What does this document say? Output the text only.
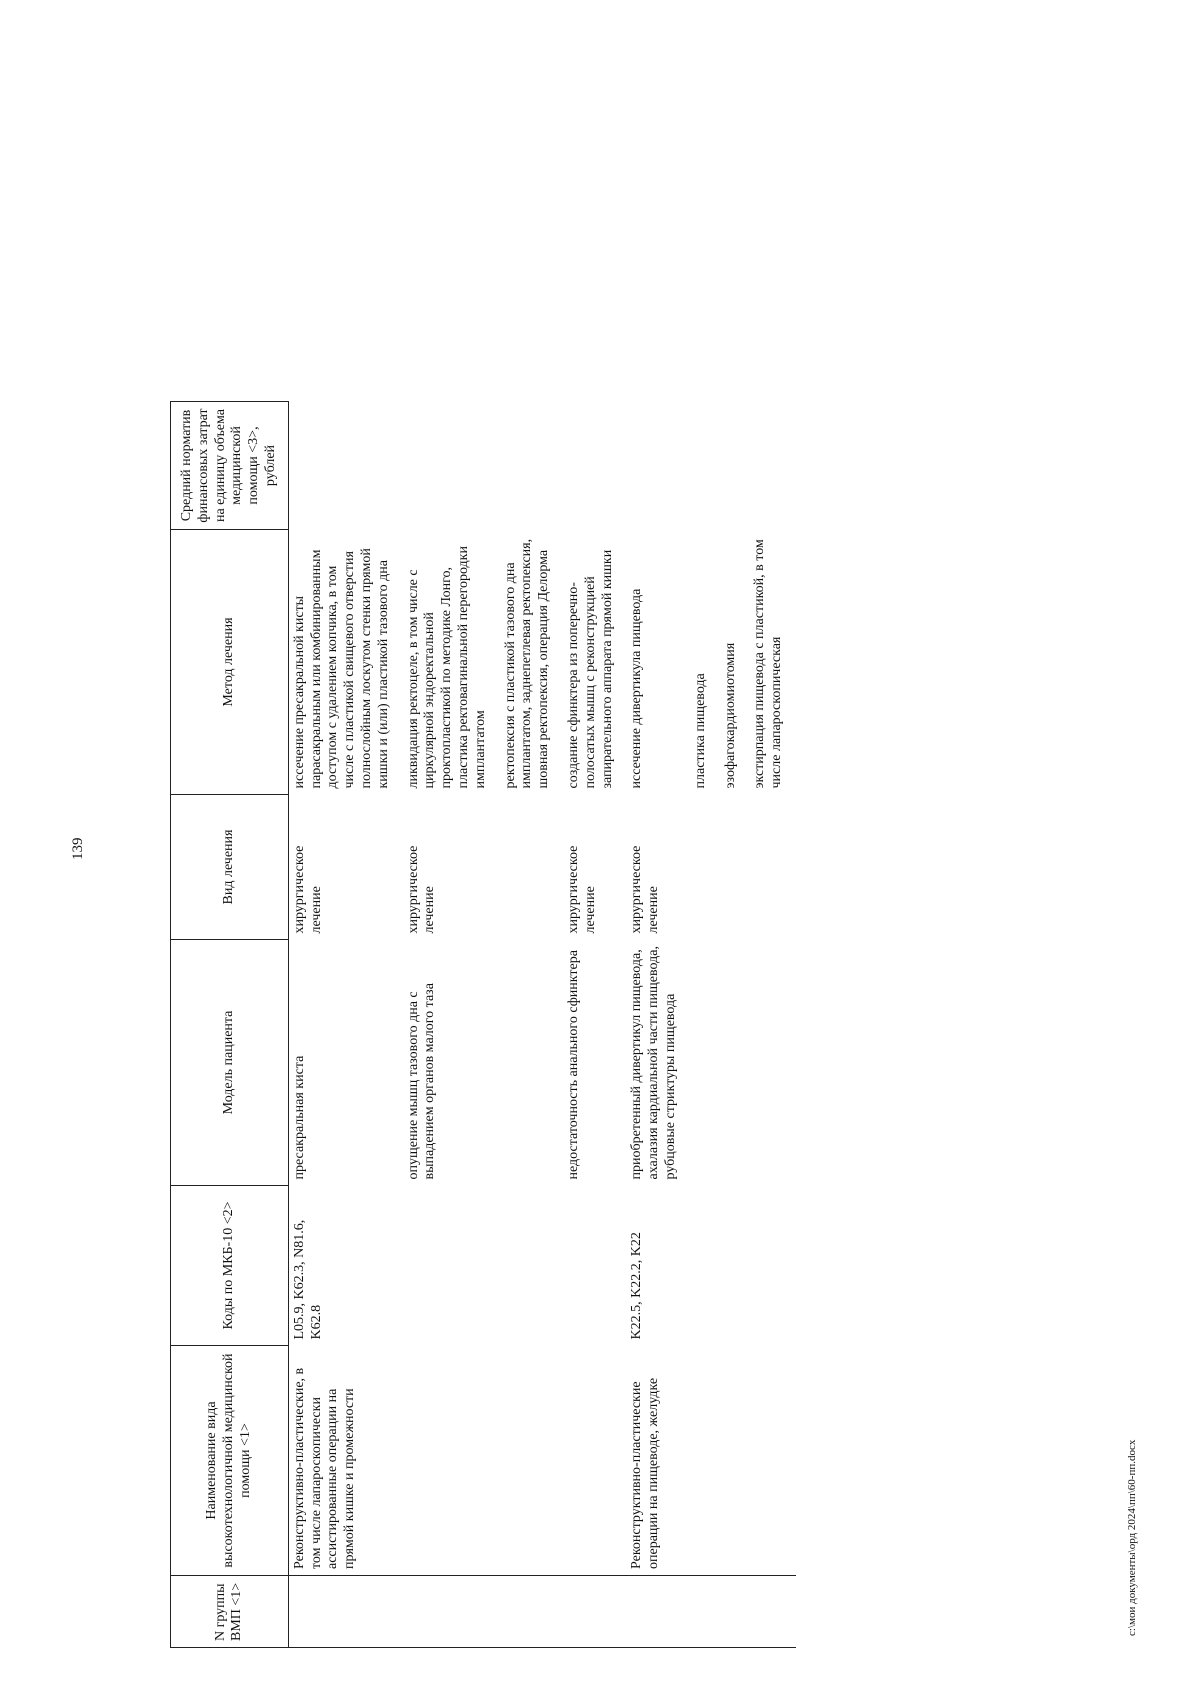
139
N группы ВМП <1>	Наименование вида высокотехнологичной медицинской помощи <1>	Коды по МКБ-10 <2>	Модель пациента	Вид лечения	Метод лечения	Средний норматив финансовых затрат на единицу объема медицинской помощи <3>, рублей	
	Реконструктивно-пластические, в том числе лапароскопически ассистированные операции на прямой кишке и промежности	L05.9, K62.3, N81.6, K62.8	пресакральная киста	хирургическое лечение	иссечение пресакральной кисты парасакральным или комбинированным доступом с удалением копчика, в том числе с пластикой свищевого отверстия полнослойным лоскутом стенки прямой кишки и (или) пластикой тазового дна		
			опущение мышц тазового дна с выпадением органов малого таза	хирургическое лечение	ликвидация ректоцеле, в том числе с циркулярной эндоректальной проктопластикой по методике Лонго, пластика ректовагинальной перегородки имплантатом		
					ректопексия с пластикой тазового дна имплантатом, заднепетлевая ректопексия, шовная ректопексия, операция Делорма		
			недостаточность анального сфинктера	хирургическое лечение	создание сфинктера из поперечно-полосатых мышц с реконструкцией запирательного аппарата прямой кишки		
	Реконструктивно-пластические операции на пищеводе, желудке	K22.5, K22.2, K22	приобретенный дивертикул пищевода, ахалазия кардиальной части пищевода, рубцовые стриктуры пищевода	хирургическое лечение	иссечение дивертикула пищевода		
					пластика пищевода		
					эзофагокардиомиотомия		
					экстирпация пищевода с пластикой, в том числе лапароскопическая		
c:\мои документы\орд 2024\пп\60-пп.docx
